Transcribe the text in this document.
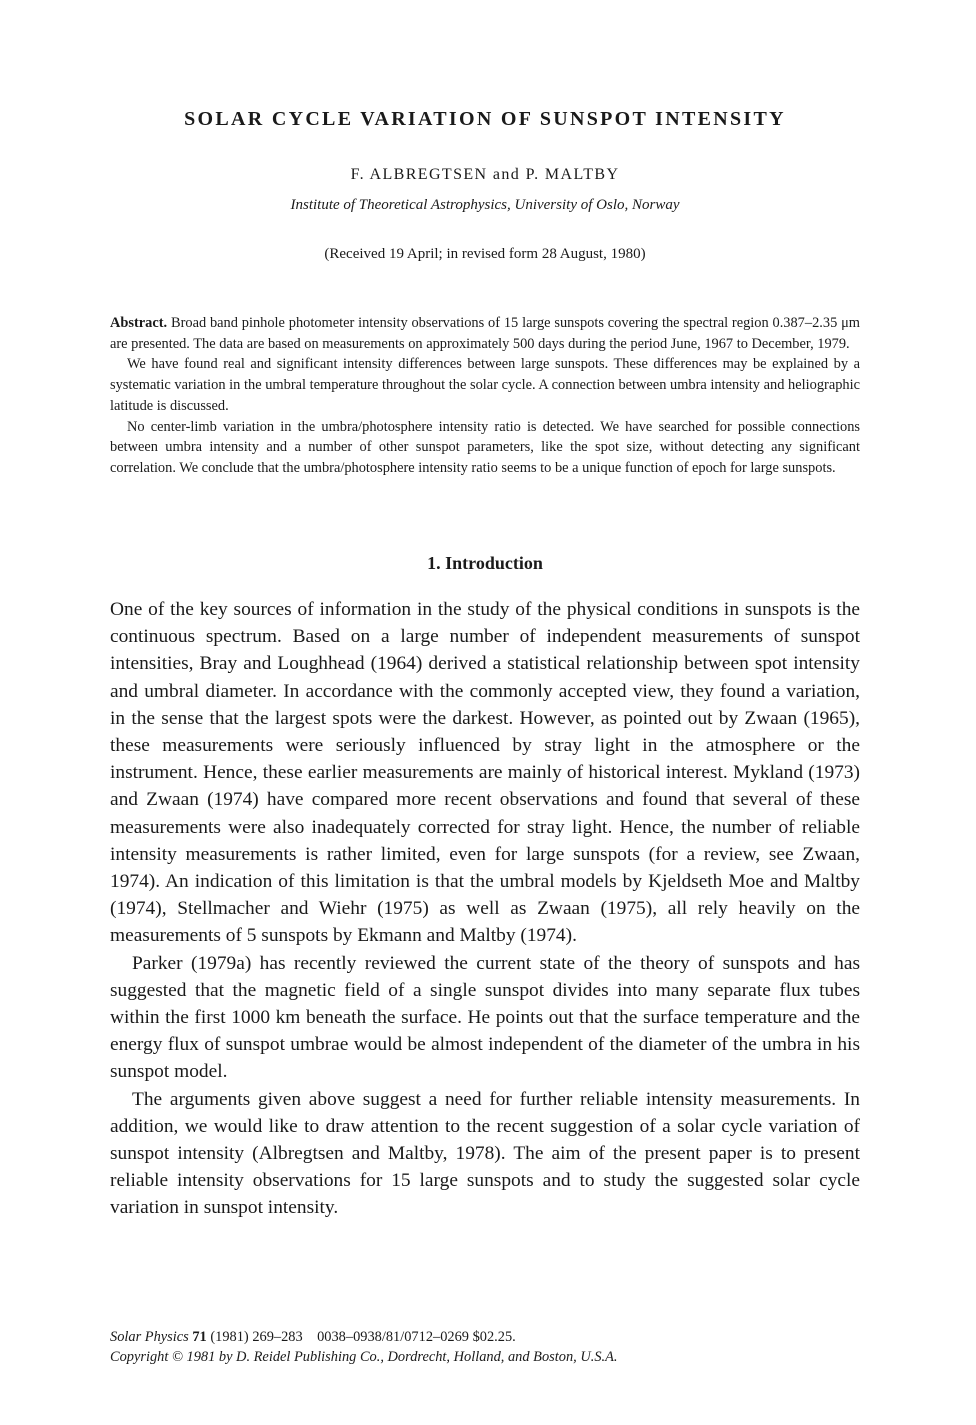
SOLAR CYCLE VARIATION OF SUNSPOT INTENSITY
F. ALBREGTSEN and P. MALTBY
Institute of Theoretical Astrophysics, University of Oslo, Norway
(Received 19 April; in revised form 28 August, 1980)

Abstract. Broad band pinhole photometer intensity observations of 15 large sunspots covering the spectral region 0.387–2.35 μm are presented. The data are based on measurements on approximately 500 days during the period June, 1967 to December, 1979.

We have found real and significant intensity differences between large sunspots. These differences may be explained by a systematic variation in the umbral temperature throughout the solar cycle. A connection between umbra intensity and heliographic latitude is discussed.

No center-limb variation in the umbra/photosphere intensity ratio is detected. We have searched for possible connections between umbra intensity and a number of other sunspot parameters, like the spot size, without detecting any significant correlation. We conclude that the umbra/photosphere intensity ratio seems to be a unique function of epoch for large sunspots.

1. Introduction

One of the key sources of information in the study of the physical conditions in sunspots is the continuous spectrum. Based on a large number of independent measurements of sunspot intensities, Bray and Loughhead (1964) derived a statistical relationship between spot intensity and umbral diameter. In accordance with the commonly accepted view, they found a variation, in the sense that the largest spots were the darkest. However, as pointed out by Zwaan (1965), these measurements were seriously influenced by stray light in the atmosphere or the instrument. Hence, these earlier measurements are mainly of historical interest. Mykland (1973) and Zwaan (1974) have compared more recent observations and found that several of these measurements were also inadequately corrected for stray light. Hence, the number of reliable intensity measurements is rather limited, even for large sunspots (for a review, see Zwaan, 1974). An indication of this limitation is that the umbral models by Kjeldseth Moe and Maltby (1974), Stellmacher and Wiehr (1975) as well as Zwaan (1975), all rely heavily on the measurements of 5 sunspots by Ekmann and Maltby (1974).

Parker (1979a) has recently reviewed the current state of the theory of sunspots and has suggested that the magnetic field of a single sunspot divides into many separate flux tubes within the first 1000 km beneath the surface. He points out that the surface temperature and the energy flux of sunspot umbrae would be almost independent of the diameter of the umbra in his sunspot model.

The arguments given above suggest a need for further reliable intensity measurements. In addition, we would like to draw attention to the recent suggestion of a solar cycle variation of sunspot intensity (Albregtsen and Maltby, 1978). The aim of the present paper is to present reliable intensity observations for 15 large sunspots and to study the suggested solar cycle variation in sunspot intensity.

Solar Physics 71 (1981) 269–283 0038–0938/81/0712–0269 $02.25.
Copyright © 1981 by D. Reidel Publishing Co., Dordrecht, Holland, and Boston, U.S.A.
